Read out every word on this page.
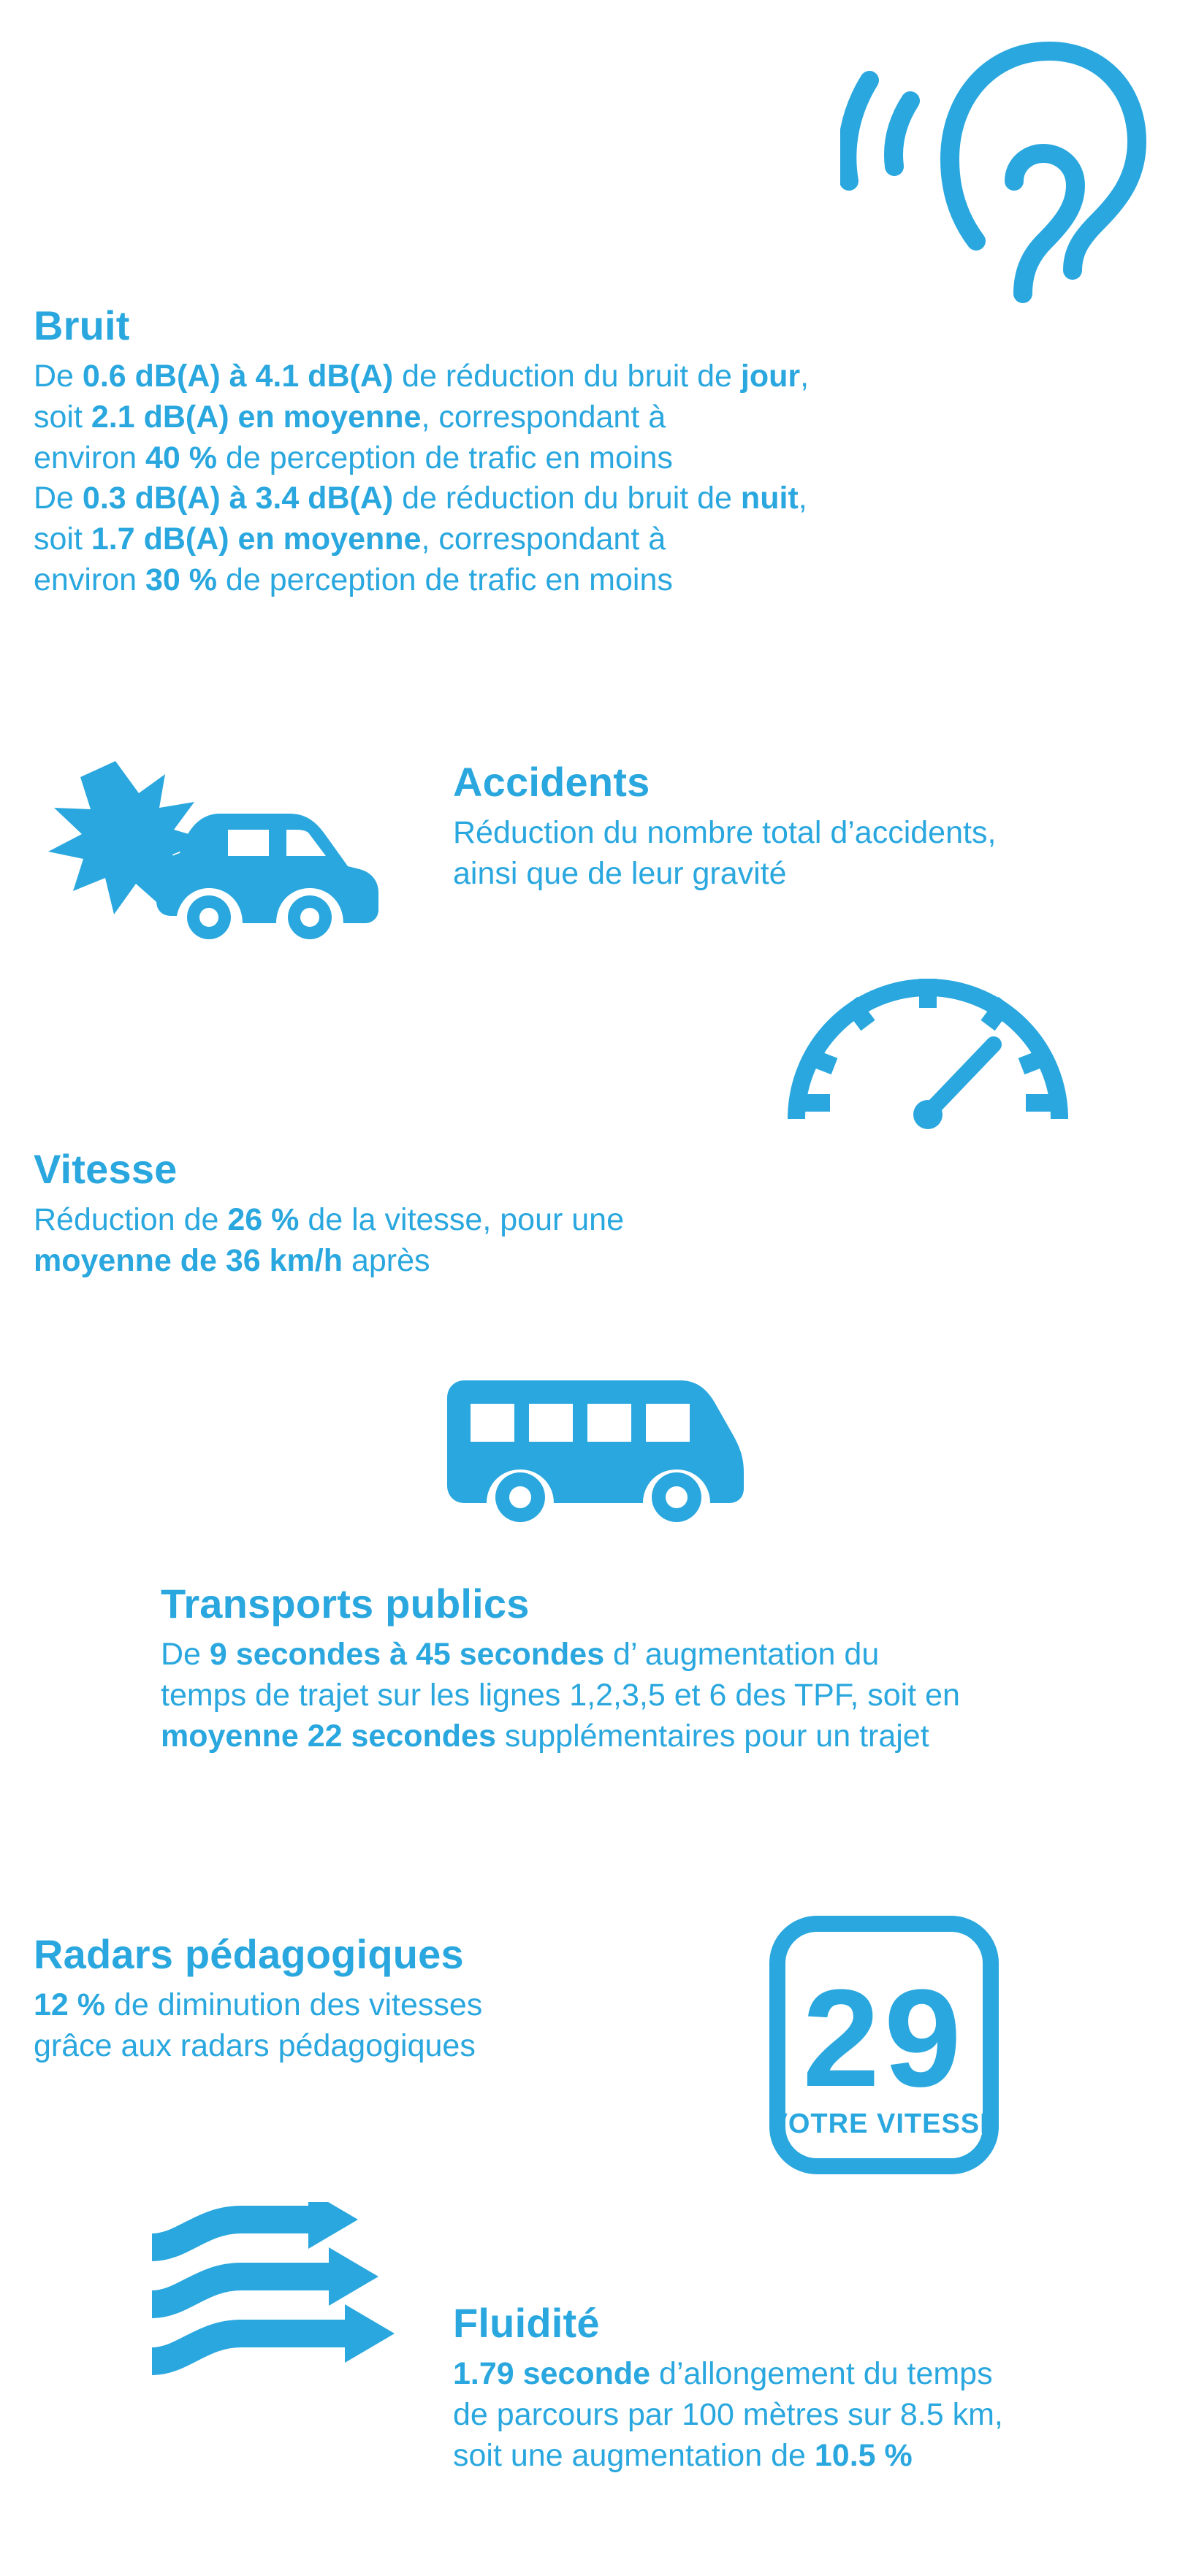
Bruit
De 0.6 dB(A) à 4.1 dB(A) de réduction du bruit de jour,
soit 2.1 dB(A) en moyenne, correspondant à
environ 40 % de perception de trafic en moins
De 0.3 dB(A) à 3.4 dB(A) de réduction du bruit de nuit,
soit 1.7 dB(A) en moyenne, correspondant à
environ 30 % de perception de trafic en moins
Accidents
Réduction du nombre total d’accidents,
ainsi que de leur gravité
Vitesse
Réduction de 26 % de la vitesse, pour une
moyenne de 36 km/h après
Transports publics
De 9 secondes à 45 secondes d’ augmentation du
temps de trajet sur les lignes 1,2,3,5 et 6 des TPF, soit en
moyenne 22 secondes supplémentaires pour un trajet
Radars pédagogiques
12 % de diminution des vitesses
grâce aux radars pédagogiques	29
VOTRE VITESSE
Fluidité
1.79 seconde d’allongement du temps
de parcours par 100 mètres sur 8.5 km,
soit une augmentation de 10.5 %
